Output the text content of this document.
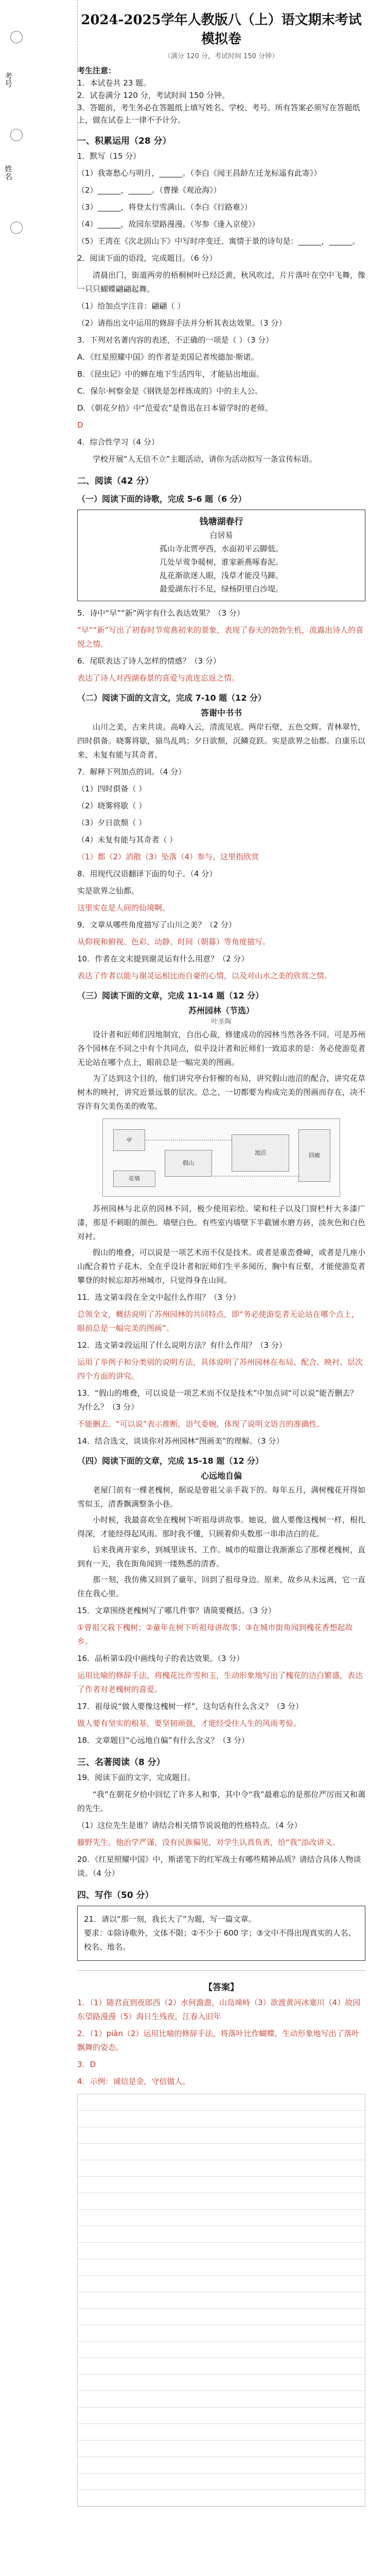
考号
姓名
2024-2025学年人教版八（上）语文期末考试模拟卷
（满分 120 分，考试时间 150 分钟）
考生注意：
1．本试卷共 23 题。
2．试卷满分 120 分，考试时间 150 分钟。
3．答题前，考生务必在答题纸上填写姓名、学校、考号。所有答案必须写在答题纸上，做在试卷上一律不予计分。
一、积累运用（28 分）
1．默写（15 分）
（1）我寄愁心与明月，______。（李白《闻王昌龄左迁龙标遥有此寄》）
（2）______，______。（曹操《观沧海》）
（3）______，将登太行雪满山。（李白《行路难》）
（4）______，故园东望路漫漫。（岑参《逢入京使》）
（5）王湾在《次北固山下》中写时序变迁、寓情于景的诗句是：______，______。
2．阅读下面的语段，完成题目。（6 分）
清晨出门，街道两旁的梧桐树叶已经泛黄，秋风吹过，片片落叶在空中飞舞，像一只只蝴蝶翩翩起舞。
（1）给加点字注音：翩翩（ ）
（2）请指出文中运用的修辞手法并分析其表达效果。（3 分）
3．下列对名著内容的表述，不正确的一项是（ ）（3 分）
A．《红星照耀中国》的作者是美国记者埃德加·斯诺。
B．《昆虫记》中的蝉在地下生活四年，才能钻出地面。
C．保尔·柯察金是《钢铁是怎样炼成的》中的主人公。
D．《朝花夕拾》中“范爱农”是鲁迅在日本留学时的老师。
D
4．综合性学习（4 分）
学校开展“人无信不立”主题活动，请你为活动拟写一条宣传标语。
二、阅读（42 分）
（一）阅读下面的诗歌，完成 5-6 题（6 分）
钱塘湖春行
白居易
孤山寺北贾亭西，水面初平云脚低。
几处早莺争暖树，谁家新燕啄春泥。
乱花渐欲迷人眼，浅草才能没马蹄。
最爱湖东行不足，绿杨阴里白沙堤。
5．诗中“早”“新”两字有什么表达效果？（3 分）
“早”“新”写出了初春时节莺燕初来的景象，表现了春天的勃勃生机，流露出诗人的喜悦之情。
6．尾联表达了诗人怎样的情感？（3 分）
表达了诗人对西湖春景的喜爱与流连忘返之情。
（二）阅读下面的文言文，完成 7-10 题（12 分）
答谢中书书
山川之美，古来共谈。高峰入云，清流见底。两岸石壁，五色交辉。青林翠竹，四时俱备。晓雾将歇，猿鸟乱鸣；夕日欲颓，沉鳞竞跃。实是欲界之仙都。自康乐以来，未复有能与其奇者。
7．解释下列加点的词。（4 分）
（1）四时俱备（ ）
（2）晓雾将歇（ ）
（3）夕日欲颓（ ）
（4）未复有能与其奇者（ ）
（1）都（2）消散（3）坠落（4）参与，这里指欣赏
8．用现代汉语翻译下面的句子。（4 分）
实是欲界之仙都。
这里实在是人间的仙境啊。
9．文章从哪些角度描写了山川之美？（2 分）
从仰视和俯视、色彩、动静、时间（朝暮）等角度描写。
10．作者在文末提到谢灵运有什么用意？（2 分）
表达了作者以能与谢灵运相比而自豪的心情，以及对山水之美的欣赏之情。
（三）阅读下面的文章，完成 11-14 题（12 分）
苏州园林（节选）
叶圣陶
设计者和匠师们因地制宜，自出心裁，修建成功的园林当然各各不同。可是苏州各个园林在不同之中有个共同点，似乎设计者和匠师们一致追求的是：务必使游览者无论站在哪个点上，眼前总是一幅完美的图画。
为了达到这个目的，他们讲究亭台轩榭的布局，讲究假山池沼的配合，讲究花草树木的映衬，讲究近景远景的层次。总之，一切都要为构成完美的图画而存在，决不容许有欠美伤美的败笔。
亭
假山
池沼	回廊
花墙
苏州园林与北京的园林不同，极少使用彩绘。梁和柱子以及门窗栏杆大多漆广漆，那是不刺眼的颜色。墙壁白色。有些室内墙壁下半截铺水磨方砖，淡灰色和白色对衬。
假山的堆叠，可以说是一项艺术而不仅是技术。或者是重峦叠嶂，或者是几座小山配合着竹子花木，全在乎设计者和匠师们生平多阅历，胸中有丘壑，才能使游览者攀登的时候忘却苏州城市，只觉得身在山间。
11．选文第①段在全文中起什么作用？（3 分）
总领全文，概括说明了苏州园林的共同特点，即“务必使游览者无论站在哪个点上，眼前总是一幅完美的图画”。
12．选文第②段运用了什么说明方法？有什么作用？（3 分）
运用了举例子和分类别的说明方法，具体说明了苏州园林在布局、配合、映衬、层次四个方面的讲究。
13．“假山的堆叠，可以说是一项艺术而不仅是技术”中加点词“可以说”能否删去？为什么？（3 分）
不能删去。“可以说”表示推断，语气委婉，体现了说明文语言的准确性。
14．结合选文，谈谈你对苏州园林“图画美”的理解。（3 分）
（四）阅读下面的文章，完成 15-18 题（12 分）
心远地自偏
老屋门前有一棵老槐树，据说是曾祖父亲手栽下的。每年五月，满树槐花开得如雪似玉，清香飘满整条小巷。
小时候，我最喜欢坐在槐树下听祖母讲故事。她说，做人要像这槐树一样，根扎得深，才能经得起风雨。那时我不懂，只顾着仰头数那一串串洁白的花。
后来我离开家乡，到城里读书、工作。城市的喧嚣让我渐渐忘了那棵老槐树，直到有一天，我在街角闻到一缕熟悉的清香。
那一刻，我仿佛又回到了童年，回到了祖母身边。原来，故乡从未远离，它一直住在我心里。
15．文章围绕老槐树写了哪几件事？请简要概括。（3 分）
①曾祖父栽下槐树；②童年在树下听祖母讲故事；③在城市街角闻到槐花香想起故乡。
16．品析第①段中画线句子的表达效果。（3 分）
运用比喻的修辞手法，将槐花比作雪和玉，生动形象地写出了槐花的洁白繁盛，表达了作者对老槐树的喜爱。
17．祖母说“做人要像这槐树一样”，这句话有什么含义？（3 分）
做人要有坚实的根基，要坚韧顽强，才能经受住人生的风雨考验。
18．文章题目“心远地自偏”有什么含义？（3 分）
三、名著阅读（8 分）
19．阅读下面的文字，完成题目。
“我”在朝花夕拾中回忆了许多人和事，其中令“我”最难忘的是那位严厉而又和蔼的先生。
（1）这位先生是谁？请结合相关情节说说他的性格特点。（4 分）
藤野先生。他治学严谨，没有民族偏见，对学生认真负责，给“我”添改讲义。
20．《红星照耀中国》中，斯诺笔下的红军战士有哪些精神品质？请结合具体人物谈谈。（4 分）
四、写作（50 分）
21．请以“那一刻，我长大了”为题，写一篇文章。
要求：①除诗歌外，文体不限；②不少于 600 字；③文中不得出现真实的人名、校名、地名。
【答案】
1．（1）随君直到夜郎西（2）水何澹澹，山岛竦峙（3）欲渡黄河冰塞川（4）故园东望路漫漫（5）海日生残夜，江春入旧年
2．（1）piān（2）运用比喻的修辞手法，将落叶比作蝴蝶，生动形象地写出了落叶飘舞的姿态。
3．D
4．示例：诚信是金，守信做人。
